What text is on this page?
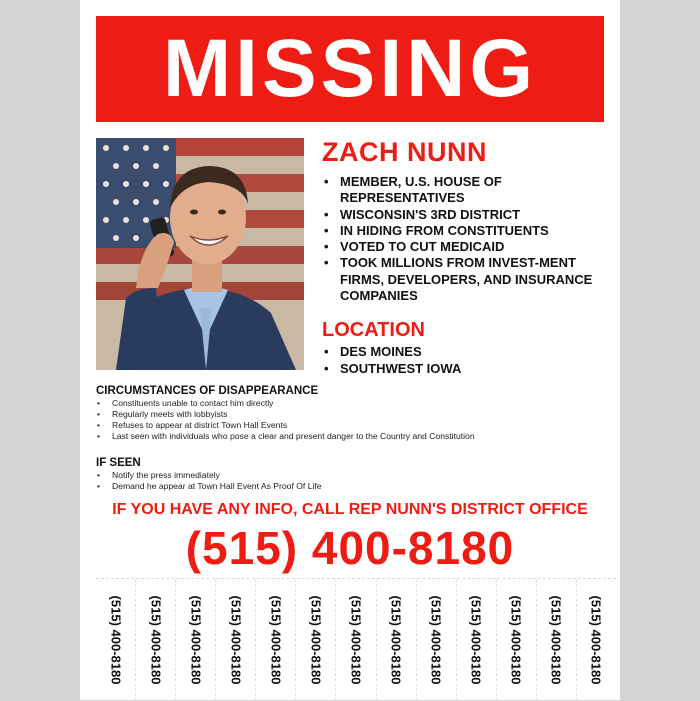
MISSING
ZACH NUNN
• MEMBER, U.S. HOUSE OF REPRESENTATIVES
• WISCONSIN'S 3RD DISTRICT
• IN HIDING FROM CONSTITUENTS
• VOTED TO CUT MEDICAID
• TOOK MILLIONS FROM INVEST-MENT FIRMS, DEVELOPERS, AND INSURANCE COMPANIES
LOCATION
• DES MOINES
• SOUTHWEST IOWA
CIRCUMSTANCES OF DISAPPEARANCE
• Constituents unable to contact him directly
• Regularly meets with lobbyists
• Refuses to appear at district Town Hall Events
• Last seen with individuals who pose a clear and present danger to the Country and Constitution
IF SEEN
• Notify the press immediately
• Demand he appear at Town Hall Event As Proof Of Life
IF YOU HAVE ANY INFO, CALL REP NUNN'S DISTRICT OFFICE
(515) 400-8180
(515) 400-8180 (515) 400-8180 (515) 400-8180 (515) 400-8180 (515) 400-8180 (515) 400-8180 (515) 400-8180 (515) 400-8180 (515) 400-8180 (515) 400-8180 (515) 400-8180 (515) 400-8180 (515) 400-8180
